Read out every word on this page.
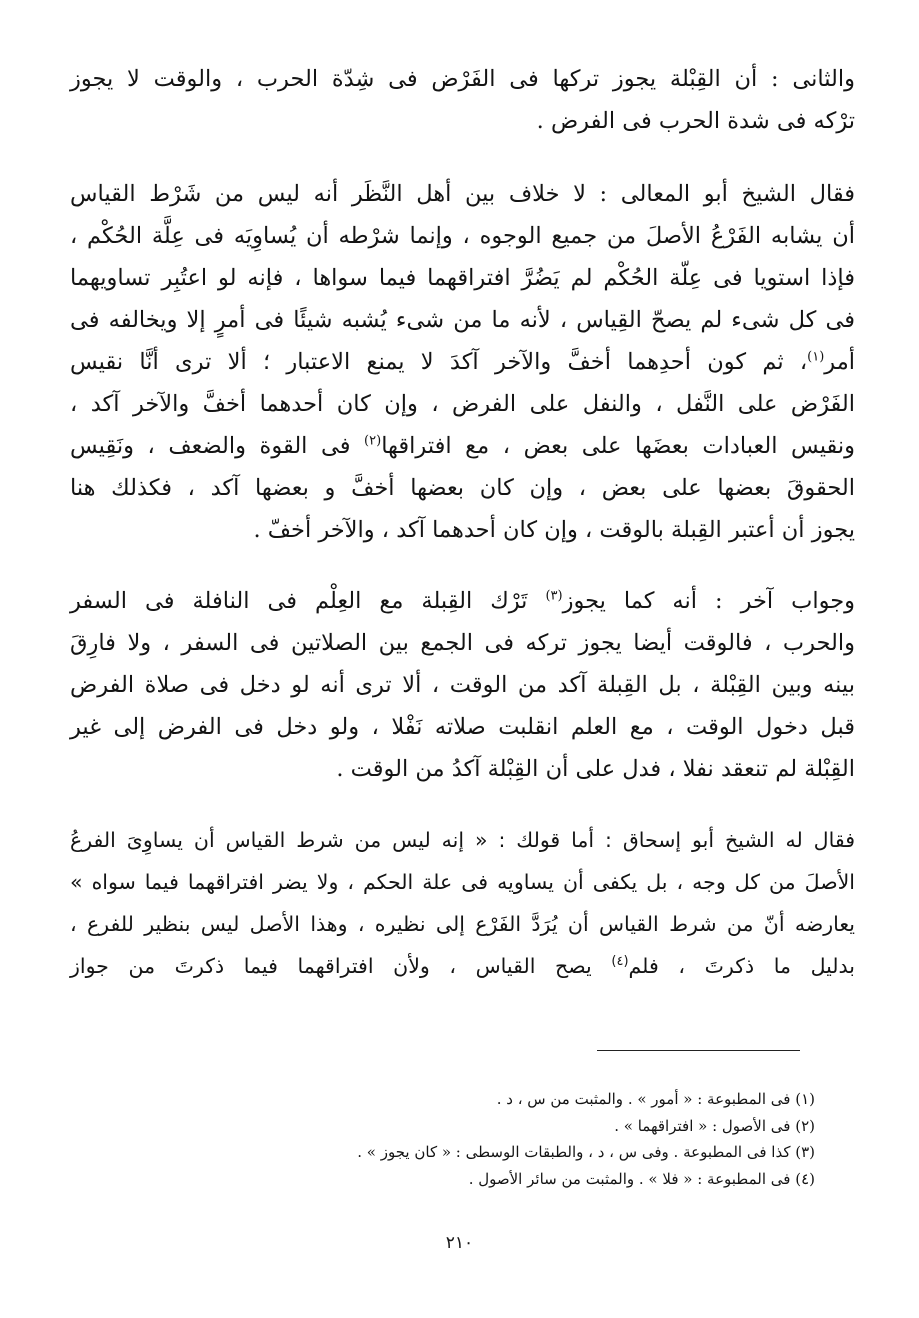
والثانى : أن القِبْلة يجوز تركها فى الفَرْض فى شِدّة الحرب ، والوقت لا يجوز
ترْكه فى شدة الحرب فى الفرض .

فقال الشيخ أبو المعالى : لا خلاف بين أهل النَّظَر أنه ليس من شَرْط القياس
أن يشابه الفَرْعُ الأصلَ من جميع الوجوه ، وإنما شرْطه أن يُساوِيَه فى عِلَّة الحُكْم ،
فإذا استويا فى عِلّة الحُكْم لم يَضُرَّ افتراقهما فيما سواها ، فإنه لو اعتُبِر تساويهما
فى كل شىء لم يصحّ القِياس ، لأنه ما من شىء يُشبه شيئًا فى أمرٍ إلا ويخالفه فى
أمر$^{(١)}$، ثم كون أحدِهما أخفَّ والآخر آكدَ لا يمنع الاعتبار ؛ ألا ترى أنَّا نقيس
الفَرْض على النَّفل ، والنفل على الفرض ، وإن كان أحدهما أخفَّ والآخر آكد ،
ونقيس العبادات بعضَها على بعض ، مع افتراقها$^{(٢)}$ فى القوة والضعف ، ونَقِيس
الحقوقَ بعضها على بعض ، وإن كان بعضها أخفَّ و بعضها آكد ، فكذلك هنا
يجوز أن أعتبر القِبلة بالوقت ، وإن كان أحدهما آكد ، والآخر أخفّ .

وجواب آخر : أنه كما يجوز$^{(٣)}$ تَرْك القِبلة مع العِلْم فى النافلة فى السفر
والحرب ، فالوقت أيضا يجوز تركه فى الجمع بين الصلاتين فى السفر ، ولا فارِقَ
بينه وبين القِبْلة ، بل القِبلة آكد من الوقت ، ألا ترى أنه لو دخل فى صلاة الفرض
قبل دخول الوقت ، مع العلم انقلبت صلاته نَفْلا ، ولو دخل فى الفرض إلى غير
القِبْلة لم تنعقد نفلا ، فدل على أن القِبْلة آكدُ من الوقت .

فقال له الشيخ أبو إسحاق : أما قولك : « إنه ليس من شرط القياس أن يساوِىَ الفرعُ
الأصلَ من كل وجه ، بل يكفى أن يساويه فى علة الحكم ، ولا يضر افتراقهما فيما سواه »
يعارضه أنّ من شرط القياس أن يُرَدَّ الفَرْع إلى نظيره ، وهذا الأصل ليس بنظير للفرع ،
بدليل ما ذكرتَ ، فلم$^{(٤)}$ يصح القياس ، ولأن افتراقهما فيما ذكرتَ من جواز

(١) فى المطبوعة : « أمور » . والمثبت من س ، د .

(٢) فى الأصول : « افتراقهما » .

(٣) كذا فى المطبوعة . وفى س ، د ، والطبقات الوسطى : « كان يجوز » .

(٤) فى المطبوعة : « فلا » . والمثبت من سائر الأصول .

٢١٠
